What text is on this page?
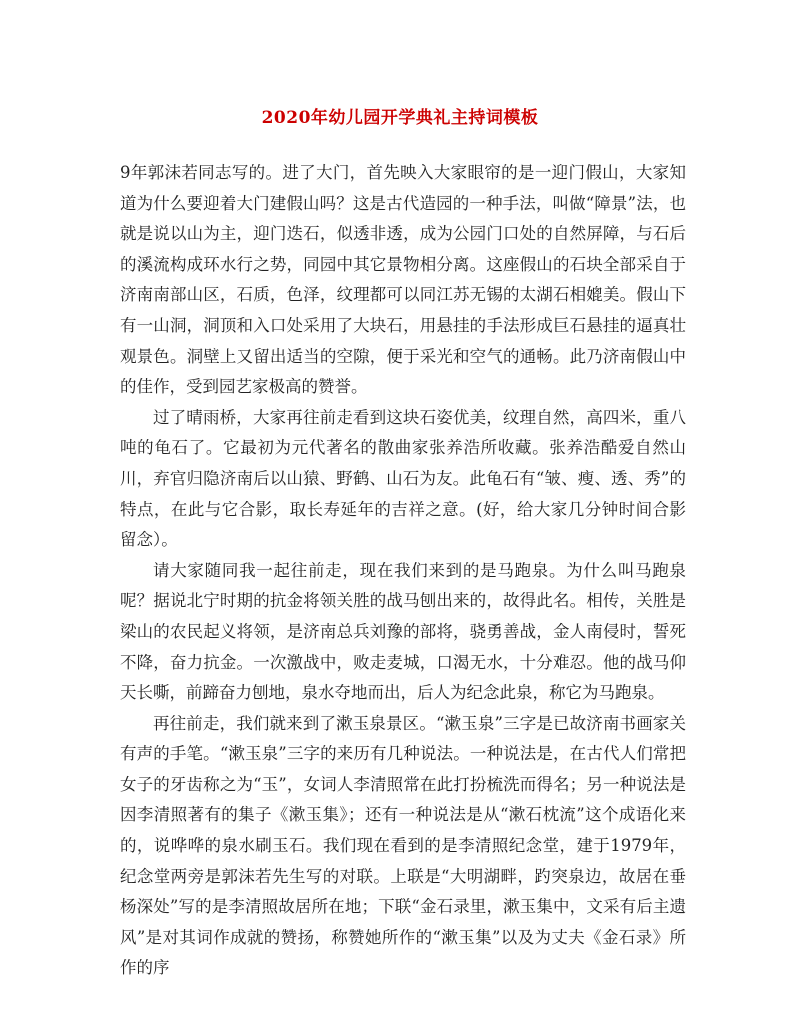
2020年幼儿园开学典礼主持词模板

9年郭沫若同志写的。进了大门，首先映入大家眼帘的是一迎门假山，大家知道为什么要迎着大门建假山吗？这是古代造园的一种手法，叫做“障景”法，也就是说以山为主，迎门迭石，似透非透，成为公园门口处的自然屏障，与石后的溪流构成环水行之势，同园中其它景物相分离。这座假山的石块全部采自于济南南部山区，石质，色泽，纹理都可以同江苏无锡的太湖石相媲美。假山下有一山洞，洞顶和入口处采用了大块石，用悬挂的手法形成巨石悬挂的逼真壮观景色。洞壁上又留出适当的空隙，便于采光和空气的通畅。此乃济南假山中的佳作，受到园艺家极高的赞誉。

过了晴雨桥，大家再往前走看到这块石姿优美，纹理自然，高四米，重八吨的龟石了。它最初为元代著名的散曲家张养浩所收藏。张养浩酷爱自然山川，弃官归隐济南后以山猿、野鹤、山石为友。此龟石有“皱、瘦、透、秀”的特点，在此与它合影，取长寿延年的吉祥之意。(好，给大家几分钟时间合影留念）。

请大家随同我一起往前走，现在我们来到的是马跑泉。为什么叫马跑泉呢？据说北宁时期的抗金将领关胜的战马刨出来的，故得此名。相传，关胜是梁山的农民起义将领，是济南总兵刘豫的部将，骁勇善战，金人南侵时，誓死不降，奋力抗金。一次激战中，败走麦城，口渴无水，十分难忍。他的战马仰天长嘶，前蹄奋力刨地，泉水夺地而出，后人为纪念此泉，称它为马跑泉。

再往前走，我们就来到了漱玉泉景区。“漱玉泉”三字是已故济南书画家关有声的手笔。“漱玉泉”三字的来历有几种说法。一种说法是，在古代人们常把女子的牙齿称之为“玉”，女词人李清照常在此打扮梳洗而得名；另一种说法是因李清照著有的集子《漱玉集》；还有一种说法是从“漱石枕流”这个成语化来的，说哗哗的泉水刷玉石。我们现在看到的是李清照纪念堂，建于1979年，纪念堂两旁是郭沫若先生写的对联。上联是“大明湖畔，趵突泉边，故居在垂杨深处”写的是李清照故居所在地；下联“金石录里，漱玉集中，文采有后主遗风”是对其词作成就的赞扬，称赞她所作的“漱玉集”以及为丈夫《金石录》所作的序
